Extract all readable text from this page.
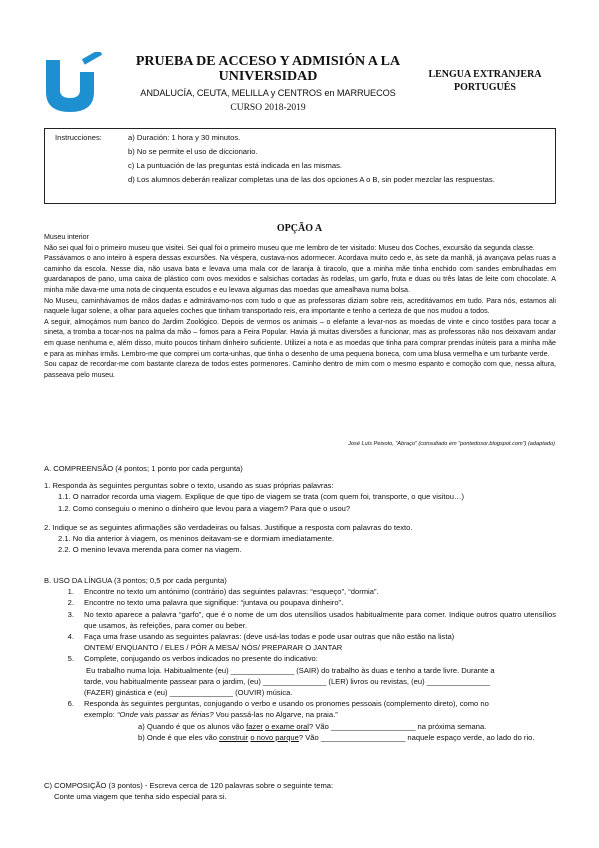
PRUEBA DE ACCESO Y ADMISIÓN A LA UNIVERSIDAD
ANDALUCÍA, CEUTA, MELILLA y CENTROS en MARRUECOS
CURSO 2018-2019
LENGUA EXTRANJERA
PORTUGUÉS
Instrucciones:	a) Duración: 1 hora y 30 minutos.
b) No se permite el uso de diccionario.
c) La puntuación de las preguntas está indicada en las mismas.
d) Los alumnos deberán realizar completas una de las dos opciones A o B, sin poder mezclar las respuestas.
OPÇÃO A

Museu interior

Não sei qual foi o primeiro museu que visitei. Sei qual foi o primeiro museu que me lembro de ter visitado: Museu dos Coches, excursão da segunda classe.

Passávamos o ano inteiro à espera dessas excursões. Na véspera, custava-nos adormecer. Acordava muito cedo e, às sete da manhã, já avançava pelas ruas a caminho da escola. Nesse dia, não usava bata e levava uma mala cor de laranja à tiracolo, que a minha mãe tinha enchido com sandes embrulhadas em guardanapos de pano, uma caixa de plástico com ovos mexidos e salsichas cortadas às rodelas, um garfo, fruta e duas ou três latas de leite com chocolate. A minha mãe dava-me uma nota de cinquenta escudos e eu levava algumas das moedas que amealhava numa bolsa.

No Museu, caminhávamos de mãos dadas e admirávamo-nos com tudo o que as professoras diziam sobre reis, acreditávamos em tudo. Para nós, estamos ali naquele lugar solene, a olhar para aqueles coches que tinham transportado reis, era importante e tenho a certeza de que nos mudou a todos.

A seguir, almoçámos num banco do Jardim Zoológico. Depois de vermos os animais – o elefante a levar-nos as moedas de vinte e cinco tostões para tocar a sineta, a tromba a tocar-nos na palma da mão – fomos para a Feira Popular. Havia já muitas diversões a funcionar, mas as professoras não nos deixavam andar em quase nenhuma e, além disso, muito poucos tinham dinheiro suficiente. Utilizei a nota e as moedas que tinha para comprar prendas inúteis para a minha mãe e para as minhas irmãs. Lembro-me que comprei um corta-unhas, que tinha o desenho de uma pequena boneca, com uma blusa vermelha e um turbante verde.

Sou capaz de recordar-me com bastante clareza de todos estes pormenores. Caminho dentro de mim com o mesmo espanto e comoção com que, nessa altura, passeava pelo museu.

José Luís Peixoto, “Abraço” (consultado em “pontedosor.blogspot.com”) (adaptado)

A. COMPREENSÃO (4 pontos; 1 ponto por cada pergunta)

1. Responda às seguintes perguntas sobre o texto, usando as suas próprias palavras:

1.1. O narrador recorda uma viagem. Explique de que tipo de viagem se trata (com quem foi, transporte, o que visitou…)

1.2. Como conseguiu o menino o dinheiro que levou para a viagem? Para que o usou?

2. Indique se as seguintes afirmações são verdadeiras ou falsas. Justifique a resposta com palavras do texto.

2.1. No dia anterior à viagem, os meninos deitavam-se e dormiam imediatamente.

2.2. O menino levava merenda para comer na viagem.

B. USO DA LÍNGUA (3 pontos; 0,5 por cada pergunta)

1.	Encontre no texto um antónimo (contrário) das seguintes palavras: “esqueço”, “dormia”.
2.	Encontre no texto uma palavra que signifique: “juntava ou poupava dinheiro”.
3.	No texto aparece a palavra “garfo”, que é o nome de um dos utensílios usados habitualmente para comer. Indique outros quatro utensílios que usamos, às refeições, para comer ou beber.
4.	Faça uma frase usando as seguintes palavras: (deve usá-las todas e pode usar outras que não estão na lista)

ONTEM/ ENQUANTO / ELES / PÔR A MESA/ NÓS/ PREPARAR O JANTAR

5.	Complete, conjugando os verbos indicados no presente do indicativo:

Eu trabalho numa loja. Habitualmente (eu) _______________ (SAIR) do trabalho às duas e tenho a tarde livre. Durante a

tarde, vou habitualmente passear para o jardim, (eu) _______________ (LER) livros ou revistas, (eu) _______________

(FAZER) ginástica e (eu) _______________ (OUVIR) música.

6.	Responda às seguintes perguntas, conjugando o verbo e usando os pronomes pessoais (complemento direto), como no

exemplo: “Onde vais passar as férias? Vou passá-las no Algarve, na praia.”

a) Quando é que os alunos vão fazer o exame oral? Vão ____________________ na próxima semana.

b) Onde é que eles vão construir o novo parque? Vão ____________________ naquele espaço verde, ao lado do rio.

C) COMPOSIÇÃO (3 pontos) - Escreva cerca de 120 palavras sobre o seguinte tema:

Conte uma viagem que tenha sido especial para si.
